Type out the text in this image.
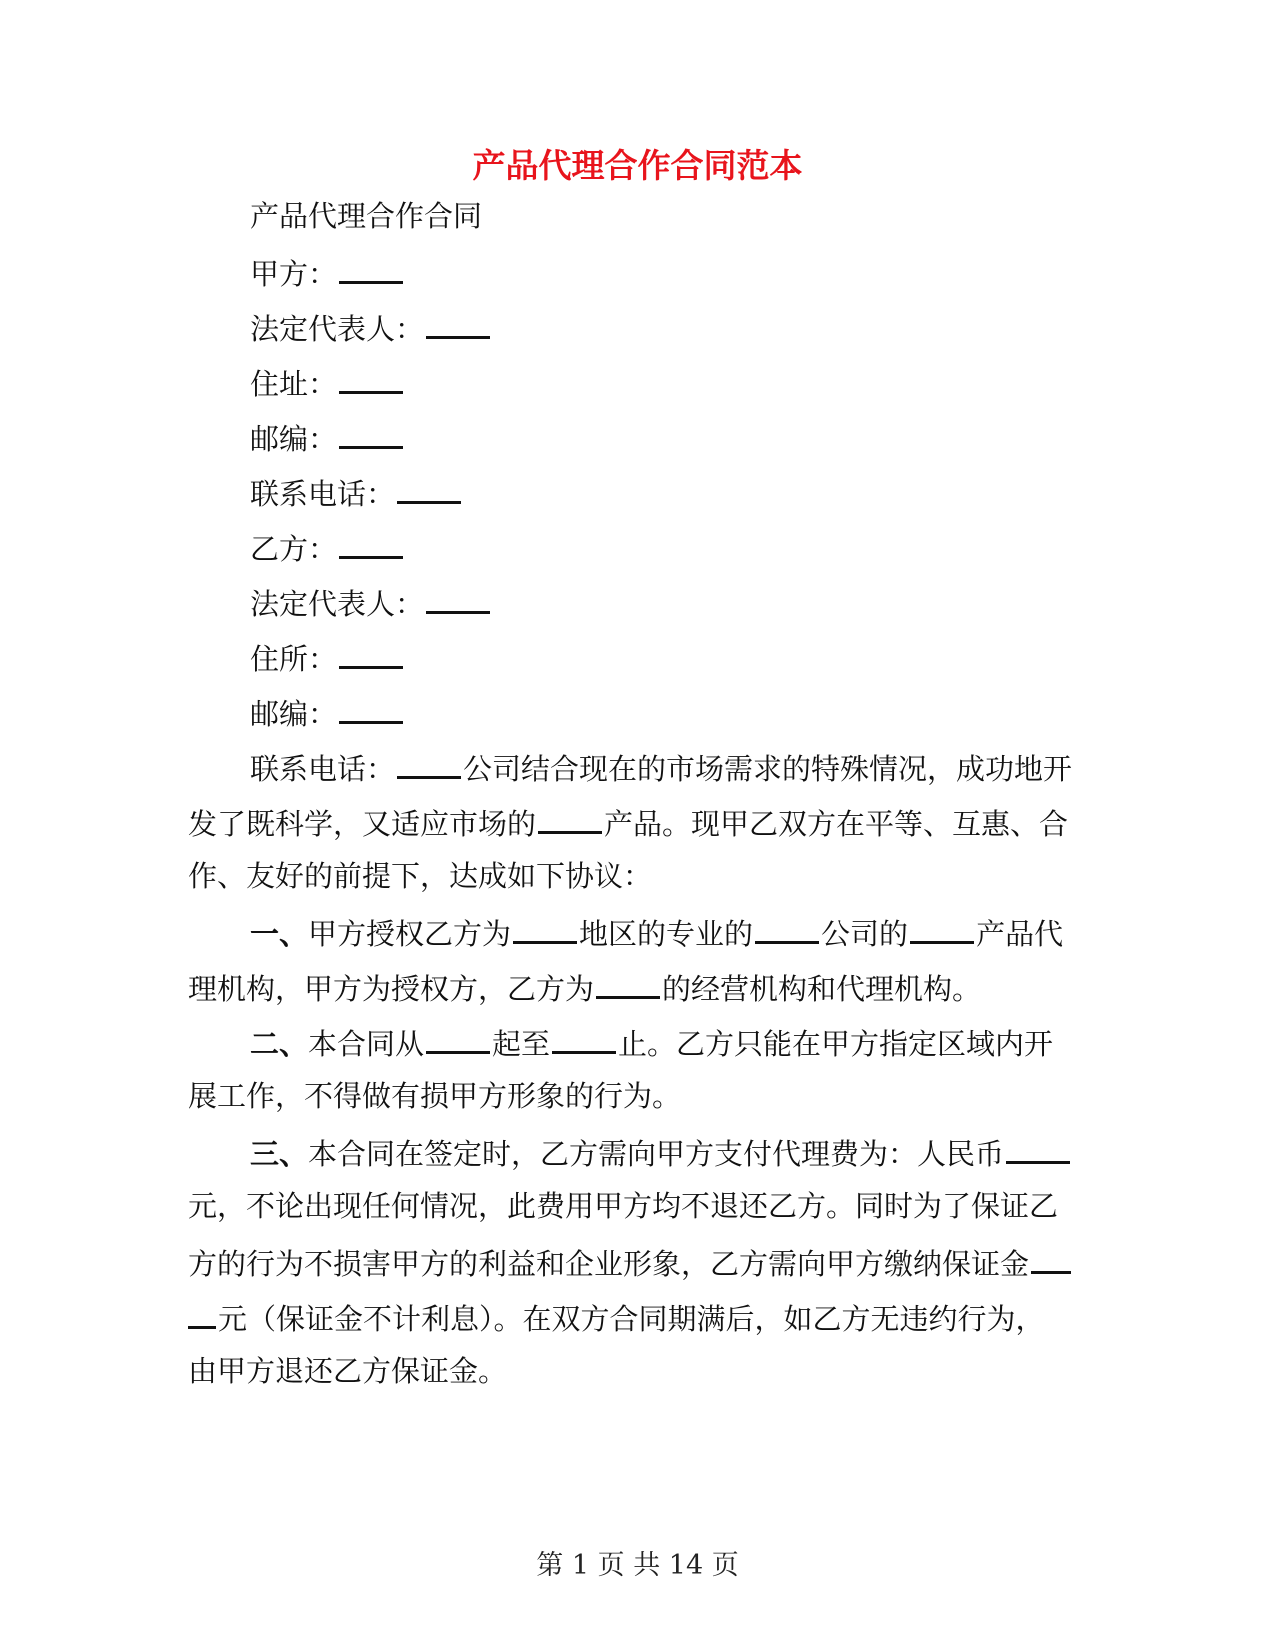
产品代理合作合同范本
产品代理合作合同
甲方：
法定代表人：
住址：
邮编：
联系电话：
乙方：
法定代表人：
住所：
邮编：
联系电话： 公司结合现在的市场需求的特殊情况，成功地开
发了既科学，又适应市场的 产品。现甲乙双方在平等、互惠、合
作、友好的前提下，达成如下协议：
一、甲方授权乙方为 地区的专业的 公司的 产品代
理机构，甲方为授权方，乙方为 的经营机构和代理机构。
二、本合同从 起至 止。乙方只能在甲方指定区域内开
展工作，不得做有损甲方形象的行为。
三、本合同在签定时，乙方需向甲方支付代理费为：人民币
元，不论出现任何情况，此费用甲方均不退还乙方。同时为了保证乙
方的行为不损害甲方的利益和企业形象，乙方需向甲方缴纳保证金
元（保证金不计利息）。在双方合同期满后，如乙方无违约行为，
由甲方退还乙方保证金。
第 1 页 共 14 页
